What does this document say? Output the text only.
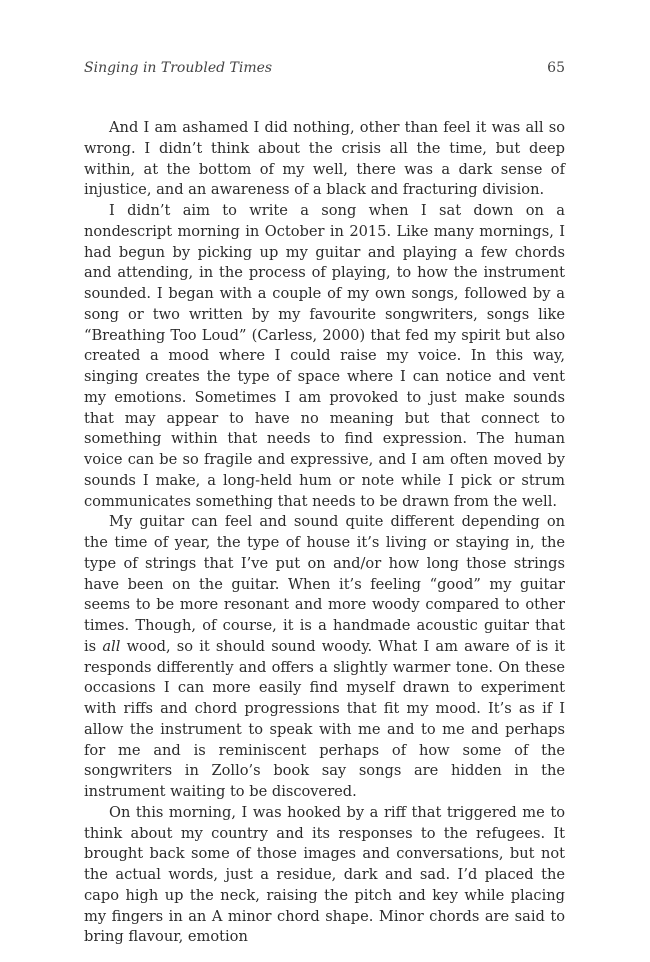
Singing in Troubled Times	65

And I am ashamed I did nothing, other than feel it was all so wrong. I didn’t think about the crisis all the time, but deep within, at the bottom of my well, there was a dark sense of injustice, and an awareness of a black and fracturing division.

I didn’t aim to write a song when I sat down on a nondescript morning in October in 2015. Like many mornings, I had begun by picking up my guitar and playing a few chords and attending, in the process of playing, to how the instrument sounded. I began with a couple of my own songs, followed by a song or two written by my favourite songwriters, songs like “Breathing Too Loud” (Carless, 2000) that fed my spirit but also created a mood where I could raise my voice. In this way, singing creates the type of space where I can notice and vent my emotions. Sometimes I am provoked to just make sounds that may appear to have no meaning but that connect to something within that needs to find expression. The human voice can be so fragile and expressive, and I am often moved by sounds I make, a long-held hum or note while I pick or strum communicates something that needs to be drawn from the well.

My guitar can feel and sound quite different depending on the time of year, the type of house it’s living or staying in, the type of strings that I’ve put on and/or how long those strings have been on the guitar. When it’s feeling “good” my guitar seems to be more resonant and more woody compared to other times. Though, of course, it is a handmade acoustic guitar that is all wood, so it should sound woody. What I am aware of is it responds differently and offers a slightly warmer tone. On these occasions I can more easily find myself drawn to experiment with riffs and chord progressions that fit my mood. It’s as if I allow the instrument to speak with me and to me and perhaps for me and is reminiscent perhaps of how some of the songwriters in Zollo’s book say songs are hidden in the instrument waiting to be discovered.

On this morning, I was hooked by a riff that triggered me to think about my country and its responses to the refugees. It brought back some of those images and conversations, but not the actual words, just a residue, dark and sad. I’d placed the capo high up the neck, raising the pitch and key while placing my fingers in an A minor chord shape. Minor chords are said to bring flavour, emotion
